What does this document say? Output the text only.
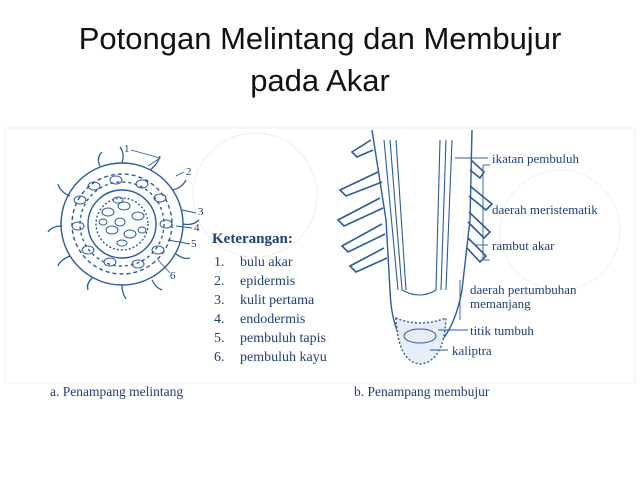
Potongan Melintang dan Membujur
pada Akar
1
2
3
4
5
6
Keterangan:
1. bulu akar
2. epidermis
3. kulit pertama
4. endodermis
5. pembuluh tapis
6. pembuluh kayu
ikatan pembuluh
daerah meristematik
rambut akar
daerah pertumbuhan
memanjang
titik tumbuh
kaliptra
a. Penampang melintang	b. Penampang membujur
